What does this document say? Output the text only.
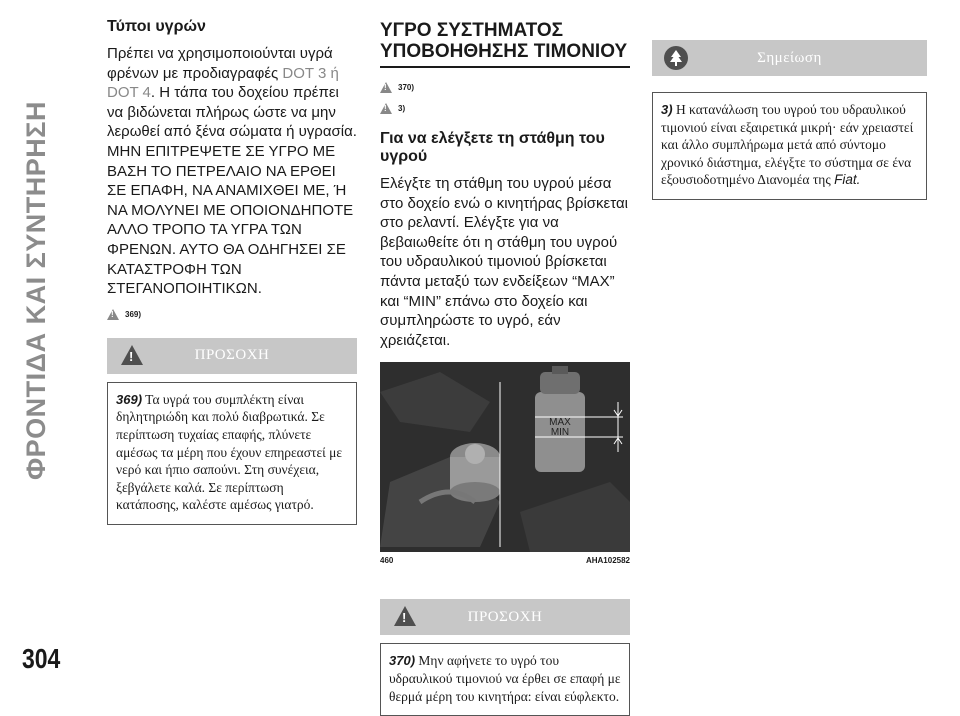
ΦΡΟΝΤΙΔΑ ΚΑΙ ΣΥΝΤΗΡΗΣΗ
304
Τύποι υγρών

Πρέπει να χρησιμοποιούνται υγρά φρένων με προδιαγραφές DOT 3 ή DOT 4. Η τάπα του δοχείου πρέπει να βιδώνεται πλήρως ώστε να μην λερωθεί από ξένα σώματα ή υγρασία. ΜΗΝ ΕΠΙΤΡΕΨΕΤΕ ΣΕ ΥΓΡΟ ΜΕ ΒΑΣΗ ΤΟ ΠΕΤΡΕΛΑΙΟ ΝΑ ΕΡΘΕΙ ΣΕ ΕΠΑΦΗ, ΝΑ ΑΝΑΜΙΧΘΕΙ ΜΕ, Ή ΝΑ ΜΟΛΥΝΕΙ ΜΕ ΟΠΟΙΟΝΔΗΠΟΤΕ ΑΛΛΟ ΤΡΟΠΟ ΤΑ ΥΓΡΑ ΤΩΝ ΦΡΕΝΩΝ. ΑΥΤΟ ΘΑ ΟΔΗΓΗΣΕΙ ΣΕ ΚΑΤΑΣΤΡΟΦΗ ΤΩΝ ΣΤΕΓΑΝΟΠΟΙΗΤΙΚΩΝ.

!
369)
!
ΠΡΟΣΟΧΗ
369) Τα υγρά του συμπλέκτη είναι δηλητηριώδη και πολύ διαβρωτικά. Σε περίπτωση τυχαίας επαφής, πλύνετε αμέσως τα μέρη που έχουν επηρεαστεί με νερό και ήπιο σαπούνι. Στη συνέχεια, ξεβγάλετε καλά. Σε περίπτωση κατάποσης, καλέστε αμέσως γιατρό.
ΥΓΡΟ ΣΥΣΤΗΜΑΤΟΣ ΥΠΟΒΟΗΘΗΣΗΣ ΤΙΜΟΝΙΟΥ
!
370)
!
3)
Για να ελέγξετε τη στάθμη του υγρού

Ελέγξτε τη στάθμη του υγρού μέσα στο δοχείο ενώ ο κινητήρας βρίσκεται στο ρελαντί. Ελέγξτε για να βεβαιωθείτε ότι η στάθμη του υγρού του υδραυλικού τιμονιού βρίσκεται πάντα μεταξύ των ενδείξεων “MAX” και “MIN” επάνω στο δοχείο και συμπληρώστε το υγρό, εάν χρειάζεται.

MAX
MIN
460	AHA102582
!
ΠΡΟΣΟΧΗ
370) Μην αφήνετε το υγρό του υδραυλικού τιμονιού να έρθει σε επαφή με θερμά μέρη του κινητήρα: είναι εύφλεκτο.
Σημείωση
3) Η κατανάλωση του υγρού του υδραυλικού τιμονιού είναι εξαιρετικά μικρή· εάν χρειαστεί και άλλο συμπλήρωμα μετά από σύντομο χρονικό διάστημα, ελέγξτε το σύστημα σε ένα εξουσιοδοτημένο Διανομέα της Fiat.
